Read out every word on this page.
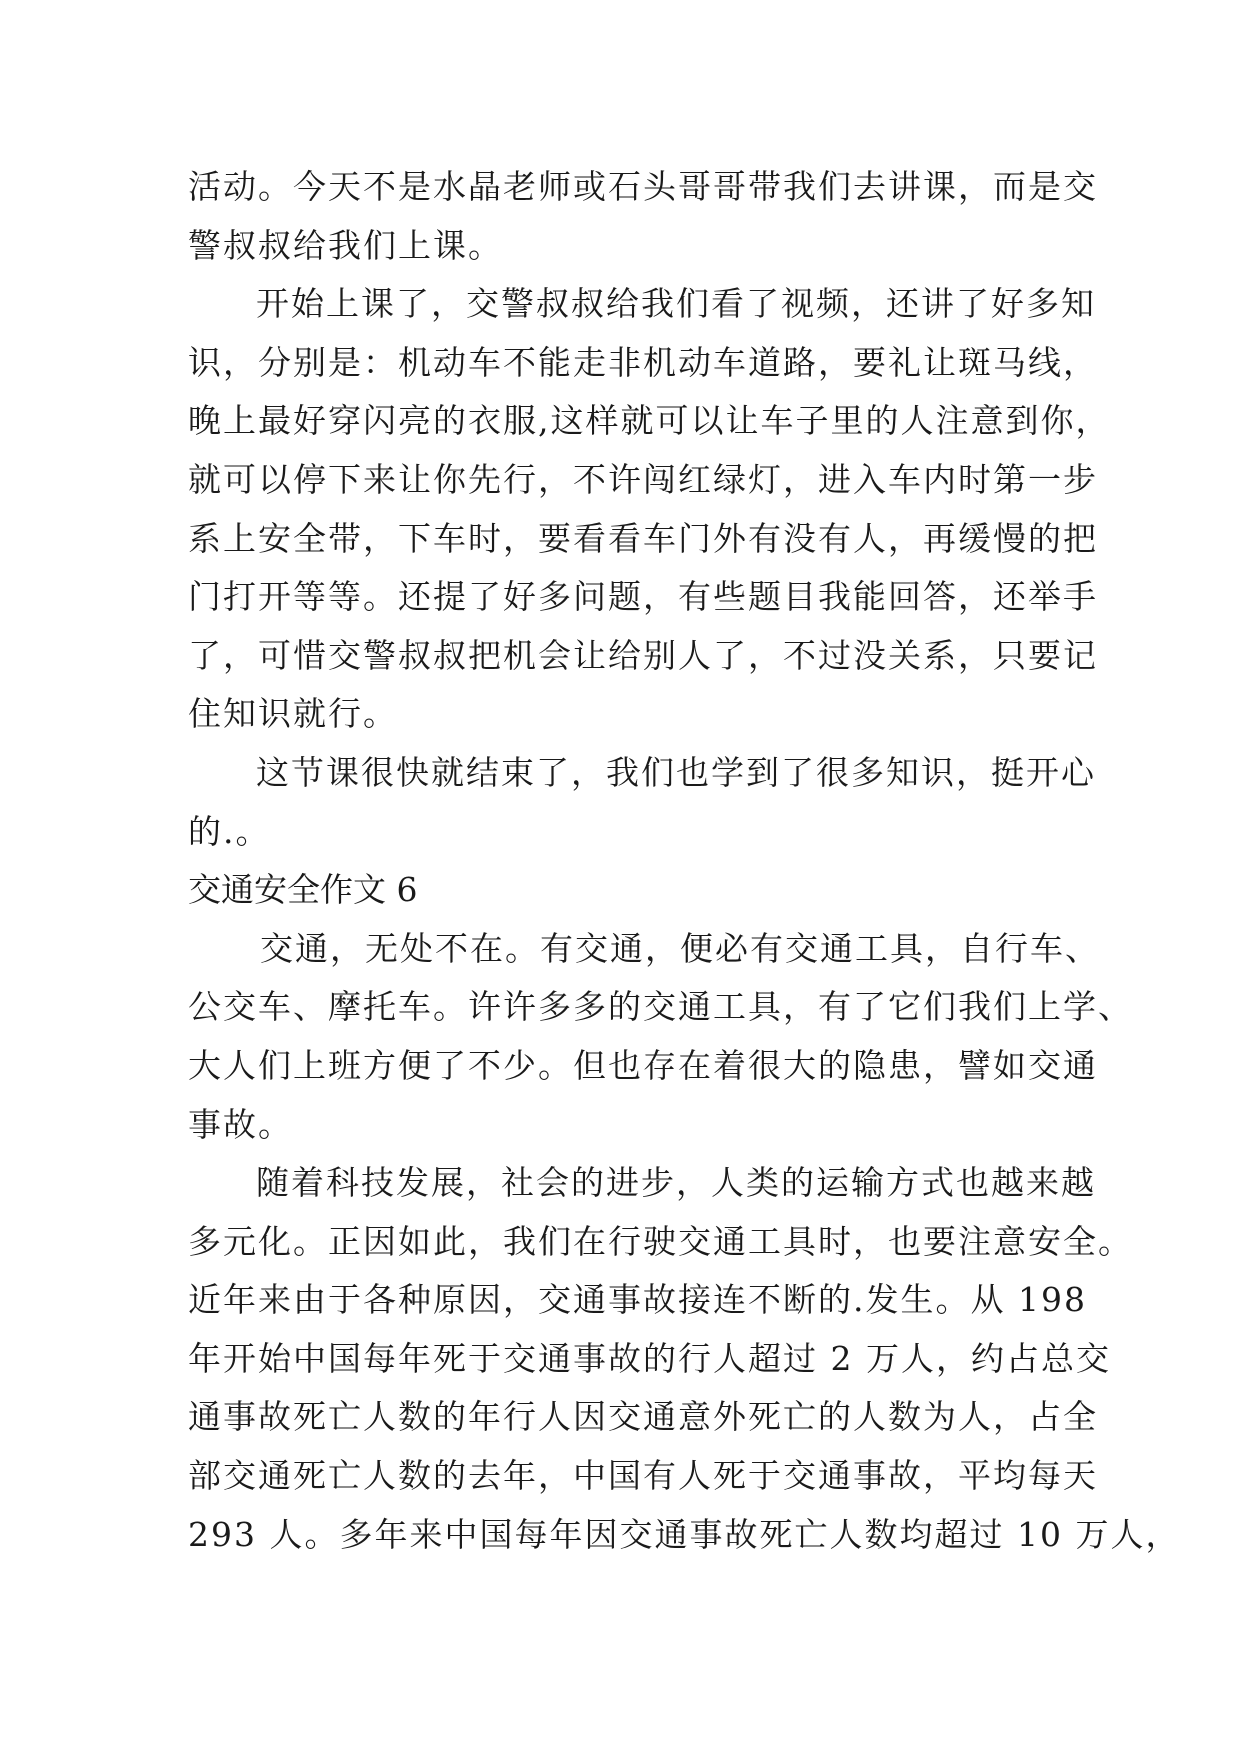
活动。今天不是水晶老师或石头哥哥带我们去讲课，而是交
警叔叔给我们上课。
开始上课了，交警叔叔给我们看了视频，还讲了好多知
识，分别是：机动车不能走非机动车道路，要礼让斑马线，
晚上最好穿闪亮的衣服,这样就可以让车子里的人注意到你，
就可以停下来让你先行，不许闯红绿灯，进入车内时第一步
系上安全带，下车时，要看看车门外有没有人，再缓慢的把
门打开等等。还提了好多问题，有些题目我能回答，还举手
了，可惜交警叔叔把机会让给别人了，不过没关系，只要记
住知识就行。
这节课很快就结束了，我们也学到了很多知识，挺开心
的.。
交通安全作文 6
交通，无处不在。有交通，便必有交通工具，自行车、
公交车、摩托车。许许多多的交通工具，有了它们我们上学、
大人们上班方便了不少。但也存在着很大的隐患，譬如交通
事故。
随着科技发展，社会的进步，人类的运输方式也越来越
多元化。正因如此，我们在行驶交通工具时，也要注意安全。
近年来由于各种原因，交通事故接连不断的.发生。从 198
年开始中国每年死于交通事故的行人超过 2 万人，约占总交
通事故死亡人数的年行人因交通意外死亡的人数为人，占全
部交通死亡人数的去年，中国有人死于交通事故，平均每天
293 人。多年来中国每年因交通事故死亡人数均超过 10 万人，
